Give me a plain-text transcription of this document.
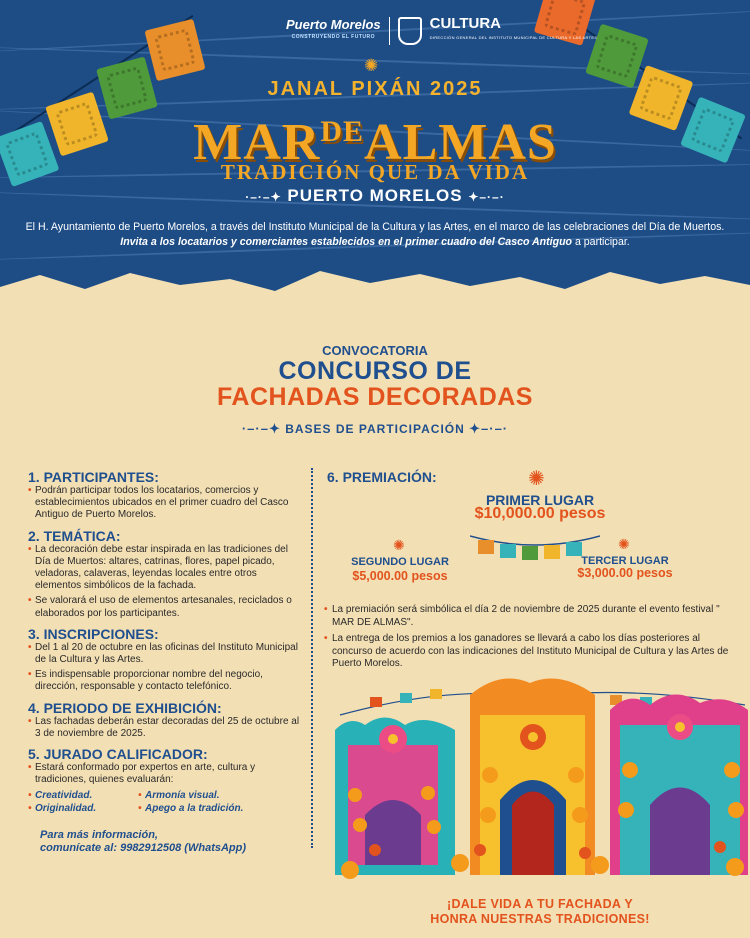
Puerto Morelos
CONSTRUYENDO EL FUTURO
CULTURA
DIRECCIÓN GENERAL DEL INSTITUTO MUNICIPAL DE CULTURA Y LAS ARTES
✺
JANAL PIXÁN 2025
$MAR^{DE}ALMAS$
TRADICIÓN QUE DA VIDA
·–·–✦ PUERTO MORELOS ✦–·–·
El H. Ayuntamiento de Puerto Morelos, a través del Instituto Municipal de la Cultura y las Artes, en el marco de las celebraciones del Día de Muertos. Invita a los locatarios y comerciantes establecidos en el primer cuadro del Casco Antiguo a participar.
CONVOCATORIA
CONCURSO DE
FACHADAS DECORADAS
·–·–✦ BASES DE PARTICIPACIÓN ✦–·–·
1. PARTICIPANTES:
• Podrán participar todos los locatarios, comercios y establecimientos ubicados en el primer cuadro del Casco Antiguo de Puerto Morelos.
2. TEMÁTICA:
• La decoración debe estar inspirada en las tradiciones del Día de Muertos: altares, catrinas, flores, papel picado, veladoras, calaveras, leyendas locales entre otros elementos simbólicos de la fachada.
• Se valorará el uso de elementos artesanales, reciclados o elaborados por los participantes.
3. INSCRIPCIONES:
• Del 1 al 20 de octubre en las oficinas del Instituto Municipal de la Cultura y las Artes.
• Es indispensable proporcionar nombre del negocio, dirección, responsable y contacto telefónico.
4. PERIODO DE EXHIBICIÓN:
• Las fachadas deberán estar decoradas del 25 de octubre al 3 de noviembre de 2025.
5. JURADO CALIFICADOR:
• Estará conformado por expertos en arte, cultura y tradiciones, quienes evaluarán:
• Creatividad.	• Armonía visual.
• Originalidad.	• Apego a la tradición.
Para más información,
comunícate al: 9982912508 (WhatsApp)
6. PREMIACIÓN:	✺
PRIMER LUGAR
$10,000.00 pesos
✺
SEGUNDO LUGAR
$5,000.00 pesos
✺
TERCER LUGAR
$3,000.00 pesos
• La premiación será simbólica el día 2 de noviembre de 2025 durante el evento festival " MAR DE ALMAS".
• La entrega de los premios a los ganadores se llevará a cabo los días posteriores al concurso de acuerdo con las indicaciones del Instituto Municipal de Cultura y las Artes de Puerto Morelos.
¡DALE VIDA A TU FACHADA Y
HONRA NUESTRAS TRADICIONES!
